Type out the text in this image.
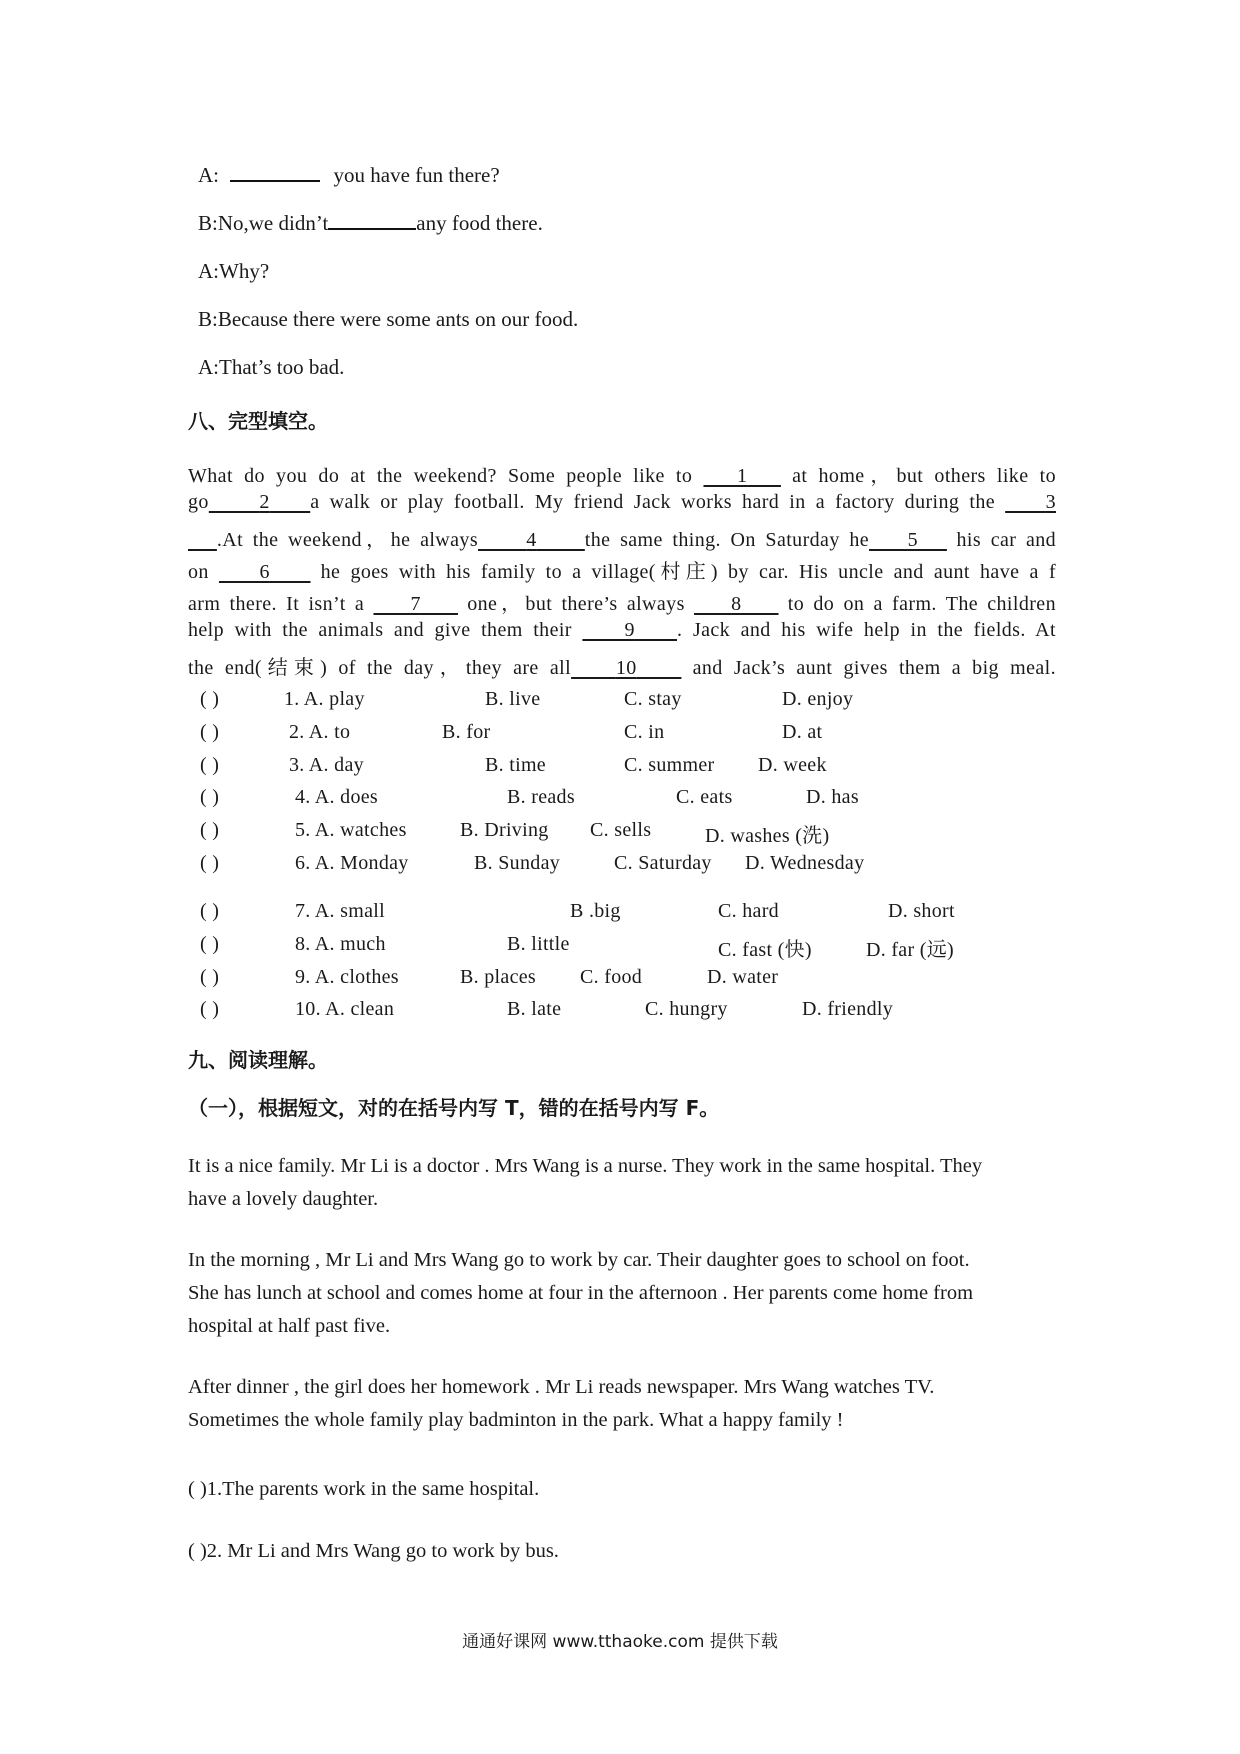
A:	you have fun there?
B:No,we didn’t	any food there.
A:Why?
B:Because there were some ants on our food.
A:That’s too bad.
八、完型填空。
What do you do at the weekend? Some people like to    1    at home，but others like to
go	2 a walk or play football. My friend Jack works hard in a factory during the     3
.At the weekend，he always 4 the same thing. On Saturday he 5    his car and
on     6     he goes with his family to a village(村庄) by car. His uncle and aunt have a f
arm there. It isn’t a     7     one，but there’s always     8     to do on a farm. The children
help with the animals and give them their     9 . Jack and his wife help in the fields. At
the end(结束) of the day，they are all 10     and Jack’s aunt gives them a big meal.
( )	1. A. play	B. live	C. stay	D. enjoy
( )	2. A. to	B. for	C. in	D. at
( )	3. A. day	B. time	C. summer D. week
( )	4. A. does	B. reads	C. eats	D. has
( )	5. A. watches	B. Driving C. sells	D. washes (洗)
( )	6. A. Monday	B. Sunday	C. Saturday D. Wednesday
( )	7. A. small	B .big	C. hard	D. short
( )	8. A. much	B. little	C. fast (快)	D. far (远)
( )	9. A. clothes	B. places C. food	D. water
( )	10. A. clean	B. late	C. hungry	D. friendly
九、阅读理解。
（一），根据短文，对的在括号内写 T，错的在括号内写 F。
It is a nice family. Mr Li is a doctor . Mrs Wang is a nurse. They work in the same hospital. They
have a lovely daughter.
In the morning , Mr Li and Mrs Wang go to work by car. Their daughter goes to school on foot.
She has lunch at school and comes home at four in the afternoon . Her parents come home from
hospital at half past five.
After dinner , the girl does her homework . Mr Li reads newspaper. Mrs Wang watches TV.
Sometimes the whole family play badminton in the park. What a happy family !
( )1.The parents work in the same hospital.
( )2. Mr Li and Mrs Wang go to work by bus.
通通好课网 www.tthaoke.com 提供下载
